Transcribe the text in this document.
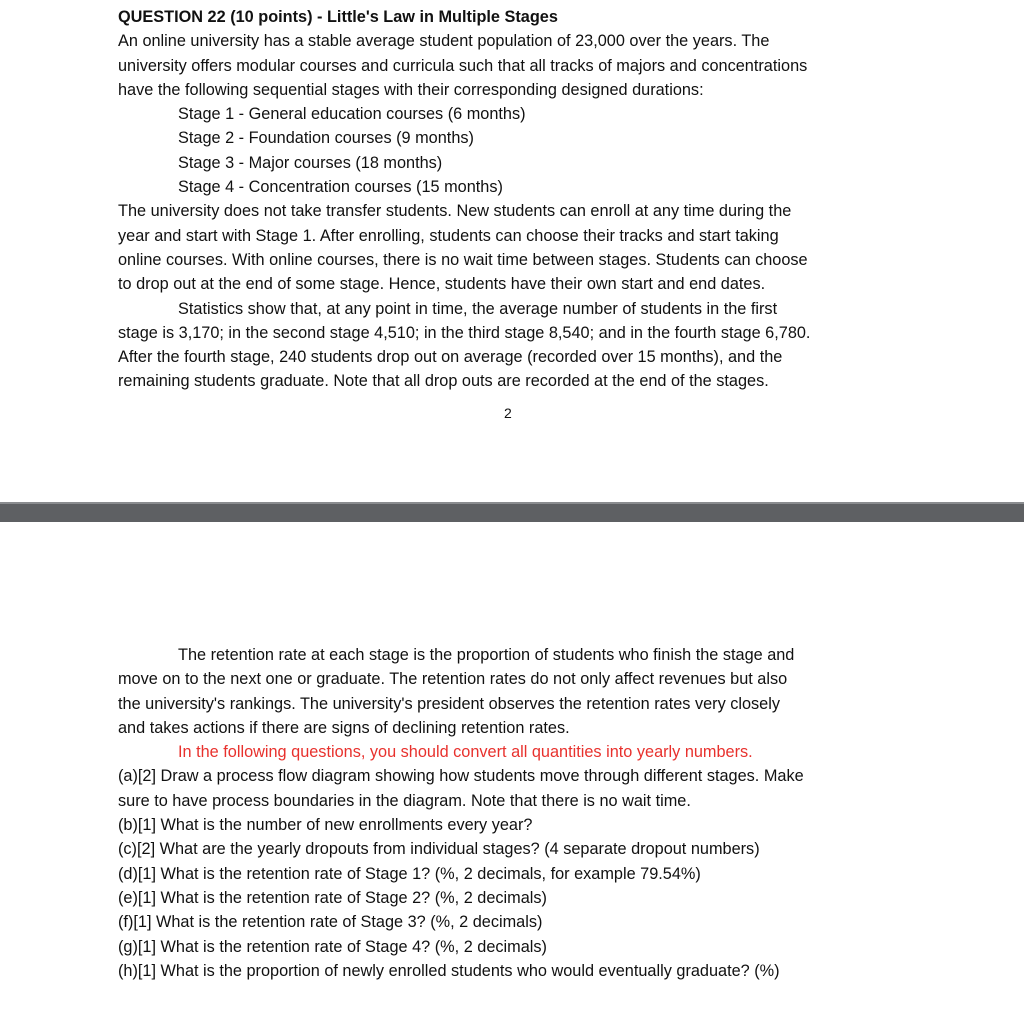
QUESTION 22 (10 points) - Little's Law in Multiple Stages
An online university has a stable average student population of 23,000 over the years. The
university offers modular courses and curricula such that all tracks of majors and concentrations
have the following sequential stages with their corresponding designed durations:
Stage 1 - General education courses (6 months)
Stage 2 - Foundation courses (9 months)
Stage 3 - Major courses (18 months)
Stage 4 - Concentration courses (15 months)
The university does not take transfer students. New students can enroll at any time during the
year and start with Stage 1. After enrolling, students can choose their tracks and start taking
online courses. With online courses, there is no wait time between stages. Students can choose
to drop out at the end of some stage. Hence, students have their own start and end dates.
Statistics show that, at any point in time, the average number of students in the first
stage is 3,170; in the second stage 4,510; in the third stage 8,540; and in the fourth stage 6,780.
After the fourth stage, 240 students drop out on average (recorded over 15 months), and the
remaining students graduate. Note that all drop outs are recorded at the end of the stages.
2
The retention rate at each stage is the proportion of students who finish the stage and
move on to the next one or graduate. The retention rates do not only affect revenues but also
the university's rankings. The university's president observes the retention rates very closely
and takes actions if there are signs of declining retention rates.
In the following questions, you should convert all quantities into yearly numbers.
(a)[2] Draw a process flow diagram showing how students move through different stages. Make
sure to have process boundaries in the diagram. Note that there is no wait time.
(b)[1] What is the number of new enrollments every year?
(c)[2] What are the yearly dropouts from individual stages? (4 separate dropout numbers)
(d)[1] What is the retention rate of Stage 1? (%, 2 decimals, for example 79.54%)
(e)[1] What is the retention rate of Stage 2? (%, 2 decimals)
(f)[1] What is the retention rate of Stage 3? (%, 2 decimals)
(g)[1] What is the retention rate of Stage 4? (%, 2 decimals)
(h)[1] What is the proportion of newly enrolled students who would eventually graduate? (%)
